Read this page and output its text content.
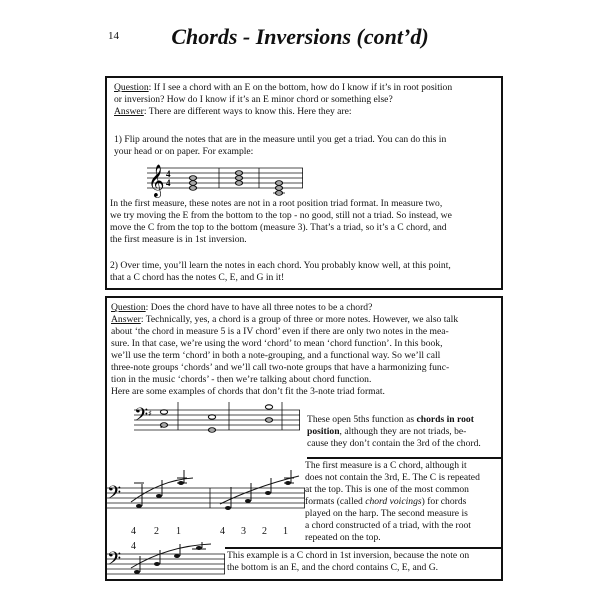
14	Chords - Inversions (cont’d)
Question: If I see a chord with an E on the bottom, how do I know if it’s in root position
or inversion? How do I know if it’s an E minor chord or something else?
Answer: There are different ways to know this. Here they are:
1) Flip around the notes that are in the measure until you get a triad. You can do this in
your head or on paper. For example:
𝄞 4
4
In the first measure, these notes are not in a root position triad format. In measure two,
we try moving the E from the bottom to the top - no good, still not a triad. So instead, we
move the C from the top to the bottom (measure 3). That’s a triad, so it’s a C chord, and
the first measure is in 1st inversion.
2) Over time, you’ll learn the notes in each chord. You probably know well, at this point,
that a C chord has the notes C, E, and G in it!
Question: Does the chord have to have all three notes to be a chord?
Answer: Technically, yes, a chord is a group of three or more notes. However, we also talk
about ‘the chord in measure 5 is a IV chord’ even if there are only two notes in the mea-
sure. In that case, we’re using the word ‘chord’ to mean ‘chord function’. In this book,
we’ll use the term ‘chord’ in both a note-grouping, and a functional way. So we’ll call
three-note groups ‘chords’ and we’ll call two-note groups that have a harmonizing func-
tion in the music ‘chords’ - then we’re talking about chord function.
Here are some examples of chords that don’t fit the 3-note triad format.
𝄢 ♯
𝅗
These open 5ths function as chords in root
position, although they are not triads, be-
cause they don’t contain the 3rd of the chord.
𝄢
4 2 1	4 3 2 1
The first measure is a C chord, although it
does not contain the 3rd, E. The C is repeated
at the top. This is one of the most common
formats (called chord voicings) for chords
played on the harp. The second measure is
a chord constructed of a triad, with the root
repeated on the top.
4
𝄢	This example is a C chord in 1st inversion, because the note on
the bottom is an E, and the chord contains C, E, and G.
